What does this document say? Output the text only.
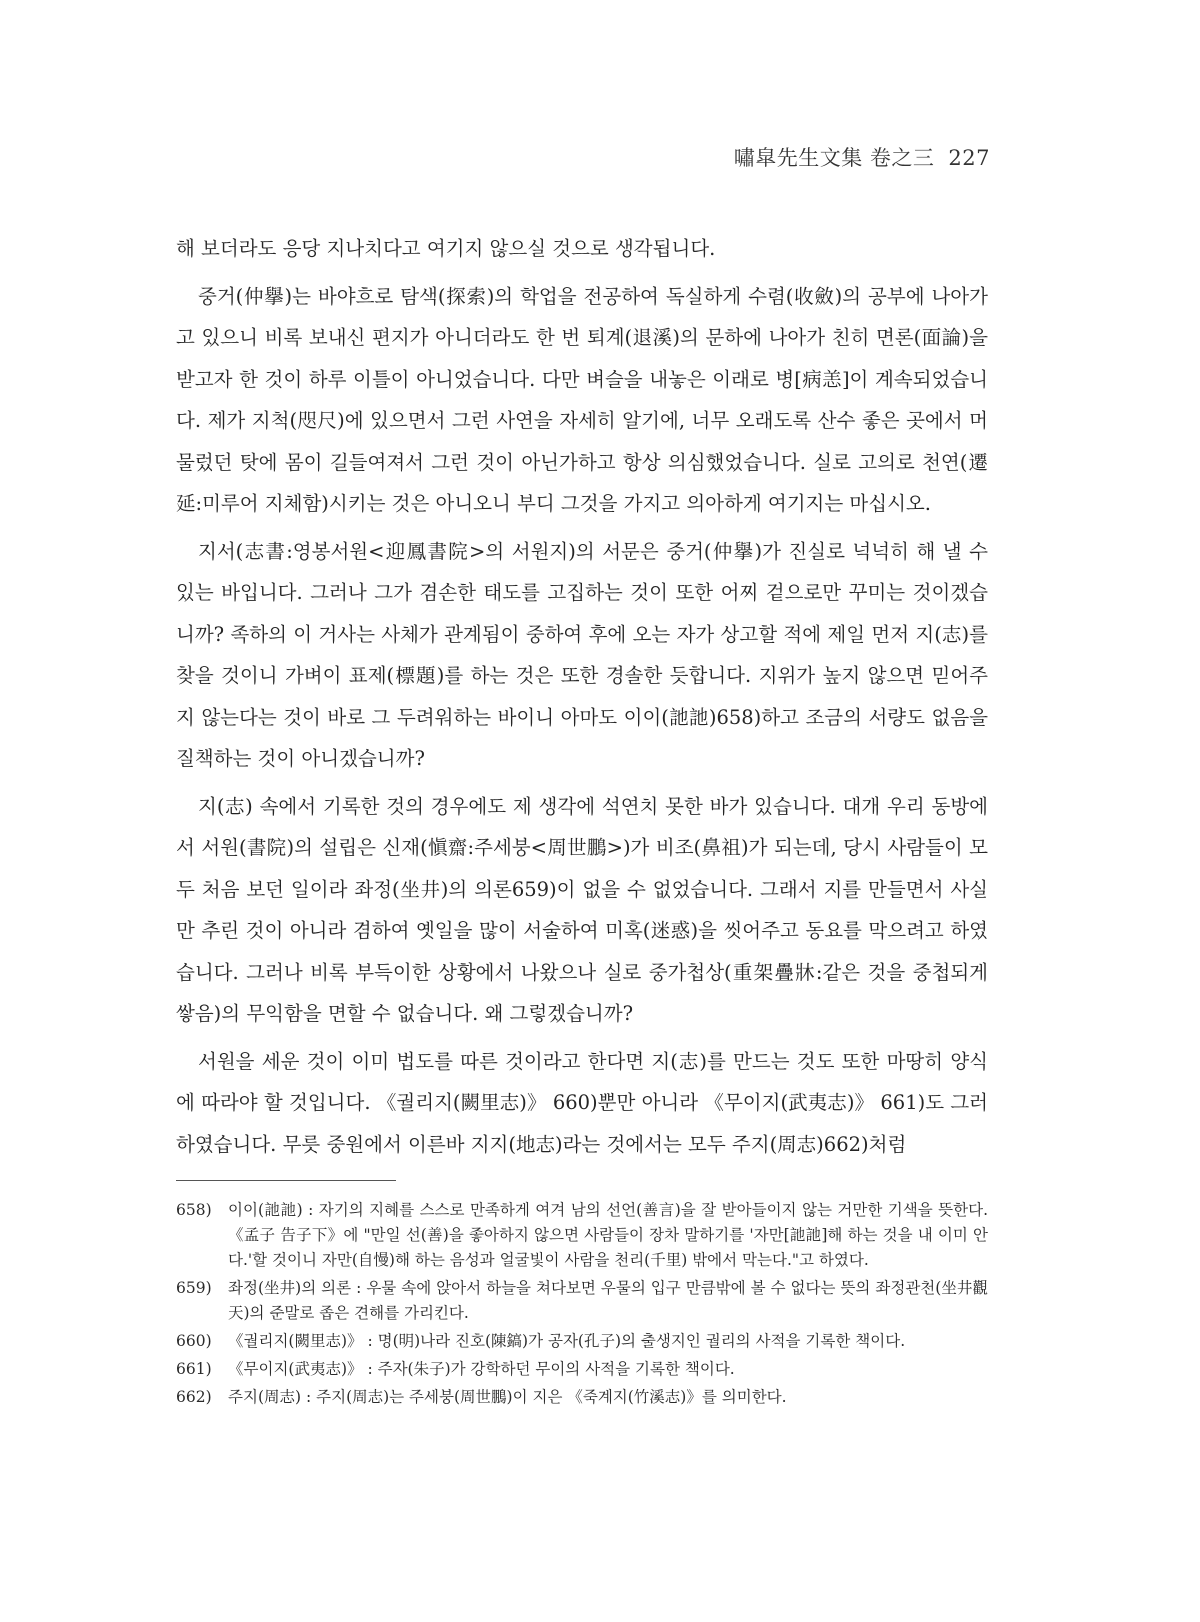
嘯皐先生文集 卷之三 227

해 보더라도 응당 지나치다고 여기지 않으실 것으로 생각됩니다.

중거(仲擧)는 바야흐로 탐색(探索)의 학업을 전공하여 독실하게 수렴(收斂)의 공부에 나아가고 있으니 비록 보내신 편지가 아니더라도 한 번 퇴계(退溪)의 문하에 나아가 친히 면론(面論)을 받고자 한 것이 하루 이틀이 아니었습니다. 다만 벼슬을 내놓은 이래로 병[病恙]이 계속되었습니다. 제가 지척(咫尺)에 있으면서 그런 사연을 자세히 알기에, 너무 오래도록 산수 좋은 곳에서 머물렀던 탓에 몸이 길들여져서 그런 것이 아닌가하고 항상 의심했었습니다. 실로 고의로 천연(遷延:미루어 지체함)시키는 것은 아니오니 부디 그것을 가지고 의아하게 여기지는 마십시오.

지서(志書:영봉서원<迎鳳書院>의 서원지)의 서문은 중거(仲擧)가 진실로 넉넉히 해 낼 수 있는 바입니다. 그러나 그가 겸손한 태도를 고집하는 것이 또한 어찌 겉으로만 꾸미는 것이겠습니까? 족하의 이 거사는 사체가 관계됨이 중하여 후에 오는 자가 상고할 적에 제일 먼저 지(志)를 찾을 것이니 가벼이 표제(標題)를 하는 것은 또한 경솔한 듯합니다. 지위가 높지 않으면 믿어주지 않는다는 것이 바로 그 두려워하는 바이니 아마도 이이(訑訑)658)하고 조금의 서량도 없음을 질책하는 것이 아니겠습니까?

지(志) 속에서 기록한 것의 경우에도 제 생각에 석연치 못한 바가 있습니다. 대개 우리 동방에서 서원(書院)의 설립은 신재(愼齋:주세붕<周世鵬>)가 비조(鼻祖)가 되는데, 당시 사람들이 모두 처음 보던 일이라 좌정(坐井)의 의론659)이 없을 수 없었습니다. 그래서 지를 만들면서 사실만 추린 것이 아니라 겸하여 옛일을 많이 서술하여 미혹(迷惑)을 씻어주고 동요를 막으려고 하였습니다. 그러나 비록 부득이한 상황에서 나왔으나 실로 중가첩상(重架疊牀:같은 것을 중첩되게 쌓음)의 무익함을 면할 수 없습니다. 왜 그렇겠습니까?

서원을 세운 것이 이미 법도를 따른 것이라고 한다면 지(志)를 만드는 것도 또한 마땅히 양식에 따라야 할 것입니다. 《궐리지(闕里志)》 660)뿐만 아니라 《무이지(武夷志)》 661)도 그러하였습니다. 무릇 중원에서 이른바 지지(地志)라는 것에서는 모두 주지(周志)662)처럼

658)	이이(訑訑) : 자기의 지혜를 스스로 만족하게 여겨 남의 선언(善言)을 잘 받아들이지 않는 거만한 기색을 뜻한다. 《孟子 告子下》에 "만일 선(善)을 좋아하지 않으면 사람들이 장차 말하기를 '자만[訑訑]해 하는 것을 내 이미 안다.'할 것이니 자만(自慢)해 하는 음성과 얼굴빛이 사람을 천리(千里) 밖에서 막는다."고 하였다.
659)	좌정(坐井)의 의론 : 우물 속에 앉아서 하늘을 쳐다보면 우물의 입구 만큼밖에 볼 수 없다는 뜻의 좌정관천(坐井觀天)의 준말로 좁은 견해를 가리킨다.
660)	《궐리지(闕里志)》 : 명(明)나라 진호(陳鎬)가 공자(孔子)의 출생지인 궐리의 사적을 기록한 책이다.
661)	《무이지(武夷志)》 : 주자(朱子)가 강학하던 무이의 사적을 기록한 책이다.
662)	주지(周志) : 주지(周志)는 주세붕(周世鵬)이 지은 《죽계지(竹溪志)》를 의미한다.
